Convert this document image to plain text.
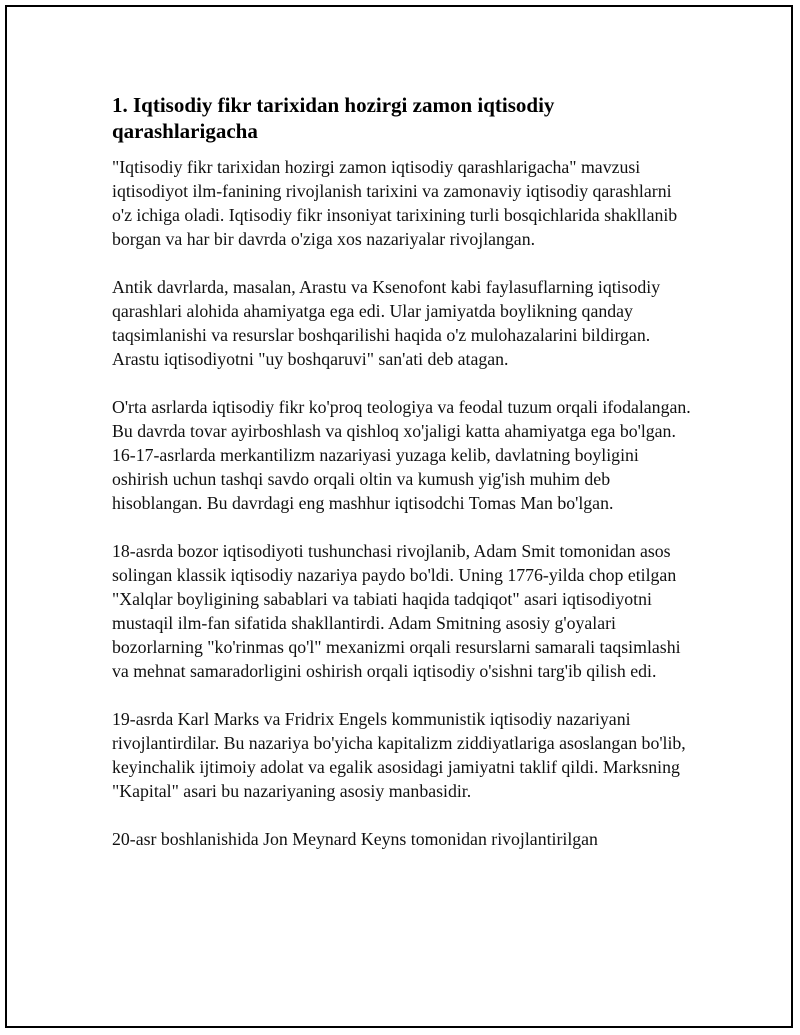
1. Iqtisodiy fikr tarixidan hozirgi zamon iqtisodiy qarashlarigacha

"Iqtisodiy fikr tarixidan hozirgi zamon iqtisodiy qarashlarigacha" mavzusi iqtisodiyot ilm-fanining rivojlanish tarixini va zamonaviy iqtisodiy qarashlarni o'z ichiga oladi. Iqtisodiy fikr insoniyat tarixining turli bosqichlarida shakllanib borgan va har bir davrda o'ziga xos nazariyalar rivojlangan.

Antik davrlarda, masalan, Arastu va Ksenofont kabi faylasuflarning iqtisodiy qarashlari alohida ahamiyatga ega edi. Ular jamiyatda boylikning qanday taqsimlanishi va resurslar boshqarilishi haqida o'z mulohazalarini bildirgan. Arastu iqtisodiyotni "uy boshqaruvi" san'ati deb atagan.

O'rta asrlarda iqtisodiy fikr ko'proq teologiya va feodal tuzum orqali ifodalangan. Bu davrda tovar ayirboshlash va qishloq xo'jaligi katta ahamiyatga ega bo'lgan. 16-17-asrlarda merkantilizm nazariyasi yuzaga kelib, davlatning boyligini oshirish uchun tashqi savdo orqali oltin va kumush yig'ish muhim deb hisoblangan. Bu davrdagi eng mashhur iqtisodchi Tomas Man bo'lgan.

18-asrda bozor iqtisodiyoti tushunchasi rivojlanib, Adam Smit tomonidan asos solingan klassik iqtisodiy nazariya paydo bo'ldi. Uning 1776-yilda chop etilgan "Xalqlar boyligining sabablari va tabiati haqida tadqiqot" asari iqtisodiyotni mustaqil ilm-fan sifatida shakllantirdi. Adam Smitning asosiy g'oyalari bozorlarning "ko'rinmas qo'l" mexanizmi orqali resurslarni samarali taqsimlashi va mehnat samaradorligini oshirish orqali iqtisodiy o'sishni targ'ib qilish edi.

19-asrda Karl Marks va Fridrix Engels kommunistik iqtisodiy nazariyani rivojlantirdilar. Bu nazariya bo'yicha kapitalizm ziddiyatlariga asoslangan bo'lib, keyinchalik ijtimoiy adolat va egalik asosidagi jamiyatni taklif qildi. Marksning "Kapital" asari bu nazariyaning asosiy manbasidir.

20-asr boshlanishida Jon Meynard Keyns tomonidan rivojlantirilgan
